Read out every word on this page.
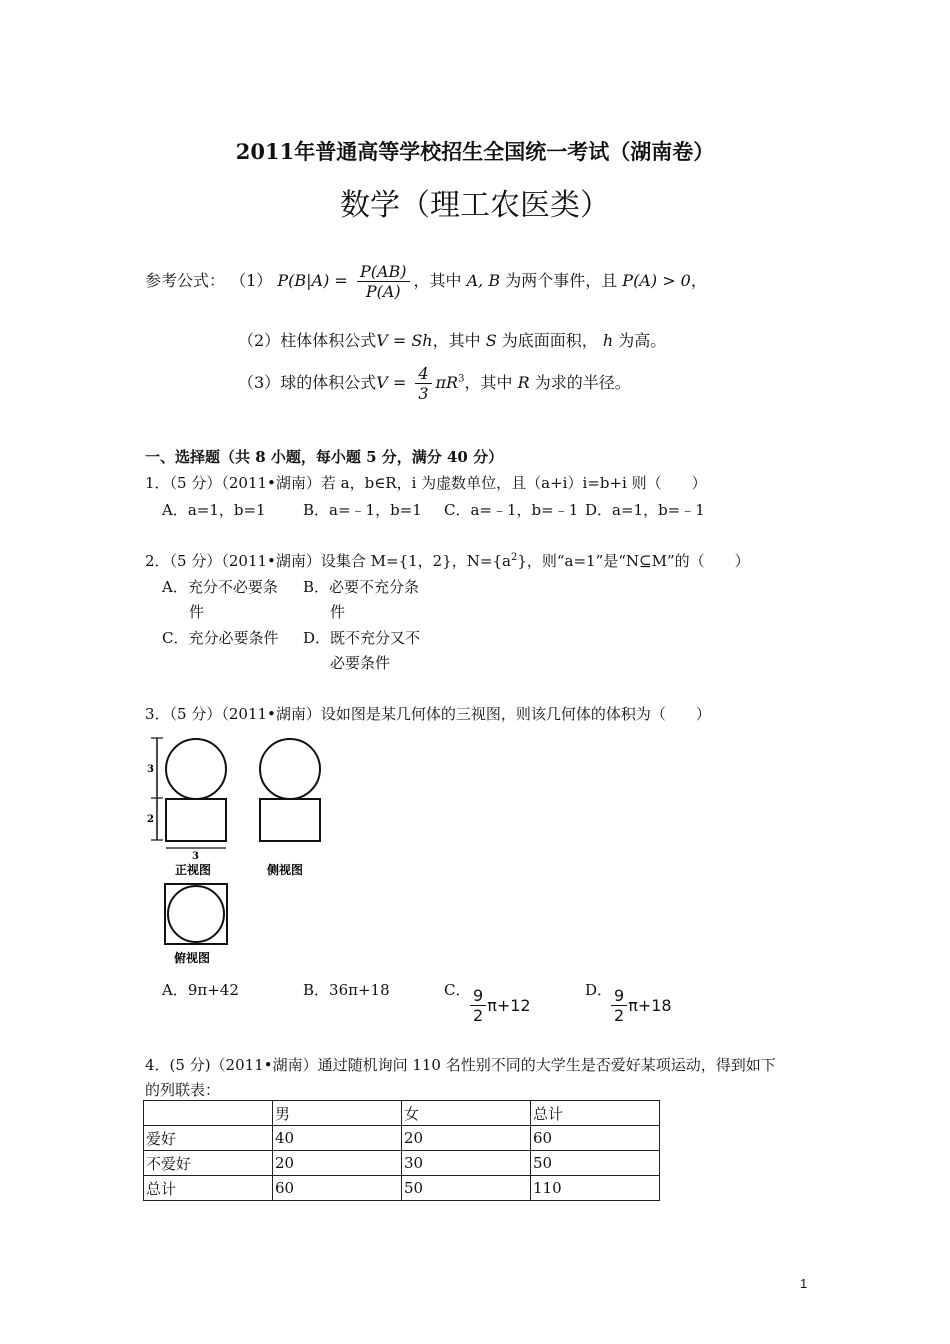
2011年普通高等学校招生全国统一考试（湖南卷）
数学（理工农医类）
参考公式： （1） $P(B|A) = \frac{P(AB)}{P(A)}$ ，其中 A, B 为两个事件，且 P(A) > 0，
（2）柱体体积公式V = Sh，其中 S 为底面面积， h 为高。
（3）球的体积公式$V = \frac{4}{3} \pi R^3$，其中 R 为求的半径。
一、选择题（共 8 小题，每小题 5 分，满分 40 分）
1．（5 分）（2011•湖南）若 a，b∈R，i 为虚数单位，且（a+i）i=b+i 则（　　）
A．a=1，b=1 B．a=﹣1，b=1 C．a=﹣1，b=﹣1 D．a=1，b=﹣1
2．（5 分）（2011•湖南）设集合 M={1，2}，$N=\{a^2\}$，则“a=1”是“N⊆M”的（　　）
A．充分不必要条
件
B．必要不充分条
件
C．充分必要条件 D．既不充分又不
必要条件
3．（5 分）（2011•湖南）设如图是某几何体的三视图，则该几何体的体积为（　　）
3
2
3
正视图	侧视图
俯视图
A．9π+42	B．36π+18	C． $\frac{9}{2} \pi+12$
D．
$\frac{9}{2} \pi+18$
4．(5 分)（2011•湖南）通过随机询问 110 名性别不同的大学生是否爱好某项运动，得到如下
的列联表：
	男	女	总计
爱好	40	20	60
不爱好	20	30	50
总计	60	50	110
1
